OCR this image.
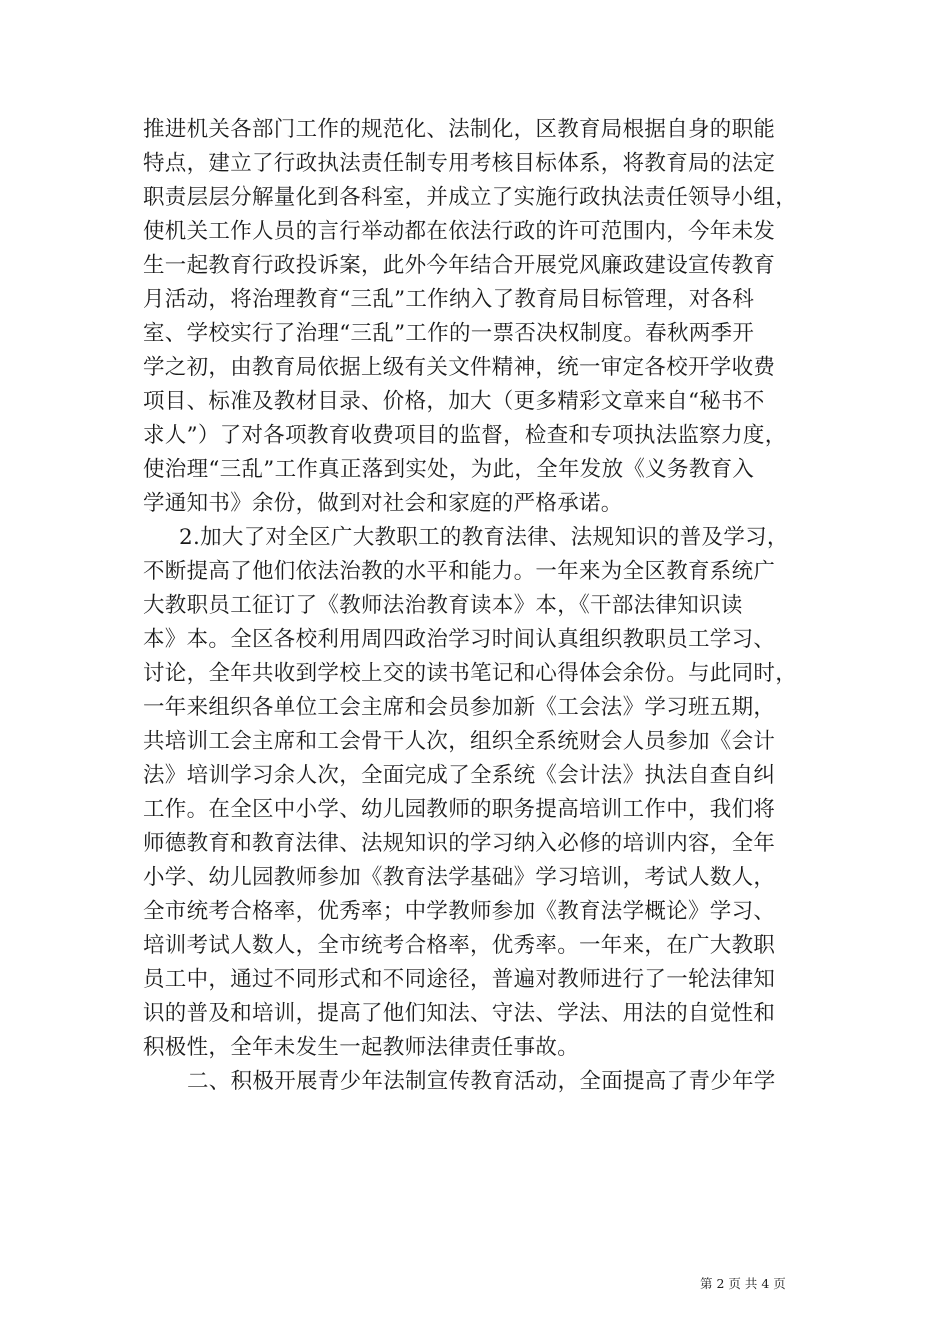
推进机关各部门工作的规范化、法制化，区教育局根据自身的职能
特点，建立了行政执法责任制专用考核目标体系，将教育局的法定
职责层层分解量化到各科室，并成立了实施行政执法责任领导小组，
使机关工作人员的言行举动都在依法行政的许可范围内，今年未发
生一起教育行政投诉案，此外今年结合开展党风廉政建设宣传教育
月活动，将治理教育“三乱”工作纳入了教育局目标管理，对各科
室、学校实行了治理“三乱”工作的一票否决权制度。春秋两季开
学之初，由教育局依据上级有关文件精神，统一审定各校开学收费
项目、标准及教材目录、价格，加大（更多精彩文章来自“秘书不
求人”）了对各项教育收费项目的监督，检查和专项执法监察力度，
使治理“三乱”工作真正落到实处，为此，全年发放《义务教育入
学通知书》余份，做到对社会和家庭的严格承诺。
2.加大了对全区广大教职工的教育法律、法规知识的普及学习，
不断提高了他们依法治教的水平和能力。一年来为全区教育系统广
大教职员工征订了《教师法治教育读本》本，《干部法律知识读
本》本。全区各校利用周四政治学习时间认真组织教职员工学习、
讨论，全年共收到学校上交的读书笔记和心得体会余份。与此同时，
一年来组织各单位工会主席和会员参加新《工会法》学习班五期，
共培训工会主席和工会骨干人次，组织全系统财会人员参加《会计
法》培训学习余人次，全面完成了全系统《会计法》执法自查自纠
工作。在全区中小学、幼儿园教师的职务提高培训工作中，我们将
师德教育和教育法律、法规知识的学习纳入必修的培训内容，全年
小学、幼儿园教师参加《教育法学基础》学习培训，考试人数人，
全市统考合格率，优秀率；中学教师参加《教育法学概论》学习、
培训考试人数人，全市统考合格率，优秀率。一年来，在广大教职
员工中，通过不同形式和不同途径，普遍对教师进行了一轮法律知
识的普及和培训，提高了他们知法、守法、学法、用法的自觉性和
积极性，全年未发生一起教师法律责任事故。
二、积极开展青少年法制宣传教育活动，全面提高了青少年学
第 2 页 共 4 页
